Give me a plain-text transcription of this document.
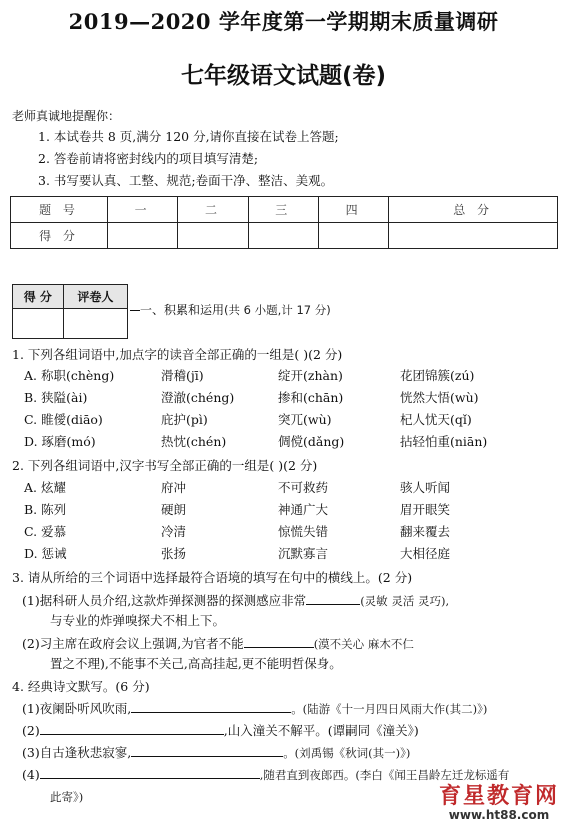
2019—2020 学年度第一学期期末质量调研
七年级语文试题(卷)
老师真诚地提醒你：
1. 本试卷共 8 页,满分 120 分,请你直接在试卷上答题;
2. 答卷前请将密封线内的项目填写清楚;
3. 书写要认真、工整、规范;卷面干净、整洁、美观。
题 号	一	二	三	四	总 分
得 分					
得 分	评卷人

一、积累和运用(共 6 小题,计 17 分)
1. 下列各组词语中,加点字的读音全部正确的一组是( )(2 分)
A. 称职(chèng)	滑稽(jī)	绽开(zhàn)	花团锦簇(zú)
B. 狭隘(ài)	澄澈(chéng)	掺和(chān)	恍然大悟(wù)
C. 睢僾(diāo)	庇护(pì)	突兀(wù)	杞人忧天(qǐ)
D. 琢磨(mó)	热忱(chén)	倜傥(dǎng)	拈轻怕重(niān)
2. 下列各组词语中,汉字书写全部正确的一组是( )(2 分)
A. 炫耀	府冲	不可救药	骇人听闻
B. 陈列	硬朗	神通广大	眉开眼笑
C. 爱慕	冷清	惊慌失错	翻来覆去
D. 惩诫	张扬	沉默寡言	大相径庭
3. 请从所给的三个词语中选择最符合语境的填写在句中的横线上。(2 分)
(1)据科研人员介绍,这款炸弹探测器的探测感应非常	(灵敏 灵活 灵巧),
与专业的炸弹嗅探犬不相上下。
(2)习主席在政府会议上强调,为官者不能	(漠不关心 麻木不仁
置之不理),不能事不关己,高高挂起,更不能明哲保身。
4. 经典诗文默写。(6 分)
(1)夜阑卧听风吹雨,	。(陆游《十一月四日风雨大作(其二)》)
(2)	,山入潼关不解平。(谭嗣同《潼关》)
(3)自古逢秋悲寂寥,	。(刘禹锡《秋词(其一)》)
(4)	,随君直到夜郎西。(李白《闻王昌龄左迁龙标遥有
此寄》)	育星教育网
www.ht88.com
